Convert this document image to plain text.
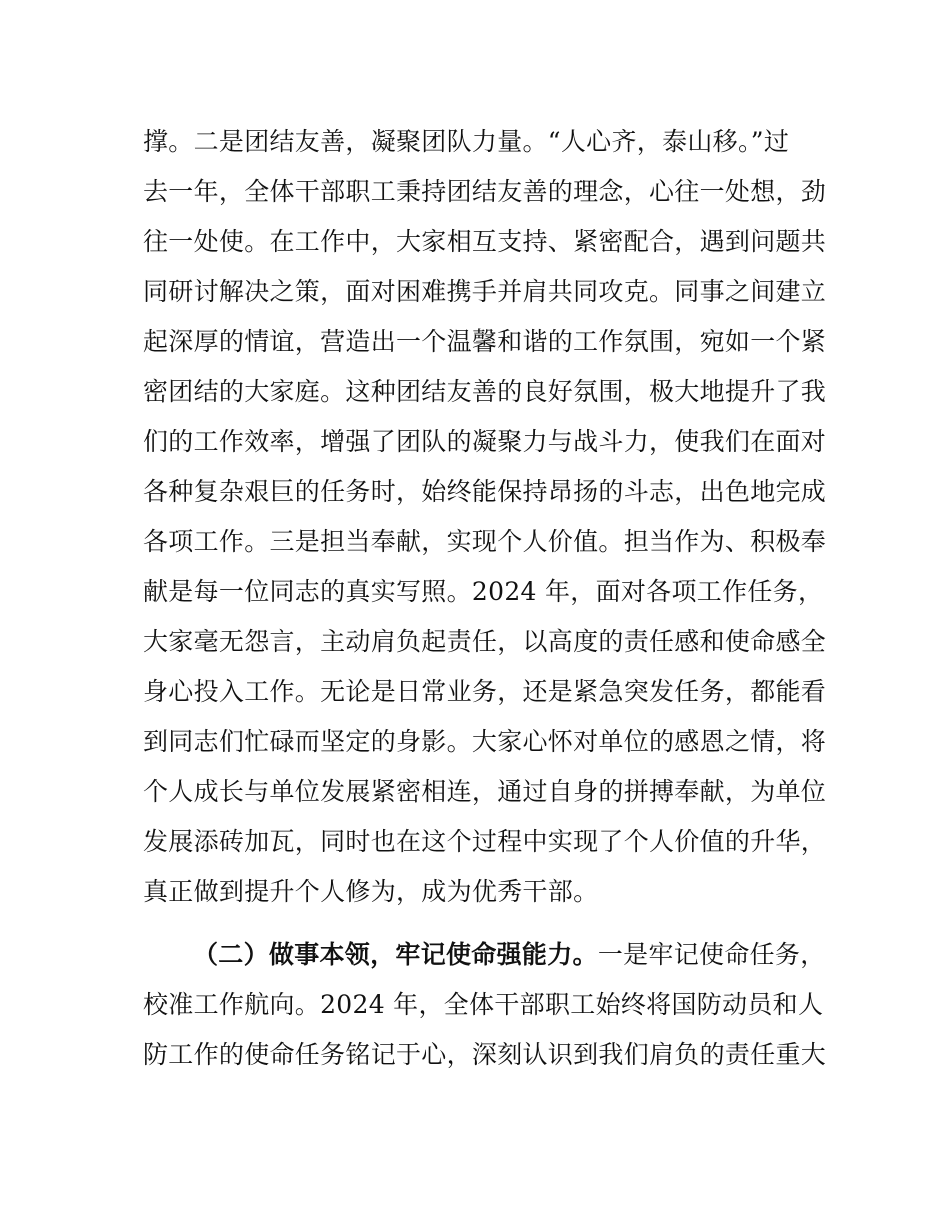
撑。二是团结友善，凝聚团队力量。“人心齐，泰山移。”过
去一年，全体干部职工秉持团结友善的理念，心往一处想，劲
往一处使。在工作中，大家相互支持、紧密配合，遇到问题共
同研讨解决之策，面对困难携手并肩共同攻克。同事之间建立
起深厚的情谊，营造出一个温馨和谐的工作氛围，宛如一个紧
密团结的大家庭。这种团结友善的良好氛围，极大地提升了我
们的工作效率，增强了团队的凝聚力与战斗力，使我们在面对
各种复杂艰巨的任务时，始终能保持昂扬的斗志，出色地完成
各项工作。三是担当奉献，实现个人价值。担当作为、积极奉
献是每一位同志的真实写照。2024 年，面对各项工作任务，
大家毫无怨言，主动肩负起责任，以高度的责任感和使命感全
身心投入工作。无论是日常业务，还是紧急突发任务，都能看
到同志们忙碌而坚定的身影。大家心怀对单位的感恩之情，将
个人成长与单位发展紧密相连，通过自身的拼搏奉献，为单位
发展添砖加瓦，同时也在这个过程中实现了个人价值的升华，
真正做到提升个人修为，成为优秀干部。
（二）做事本领，牢记使命强能力。一是牢记使命任务，
校准工作航向。2024 年，全体干部职工始终将国防动员和人
防工作的使命任务铭记于心，深刻认识到我们肩负的责任重大
